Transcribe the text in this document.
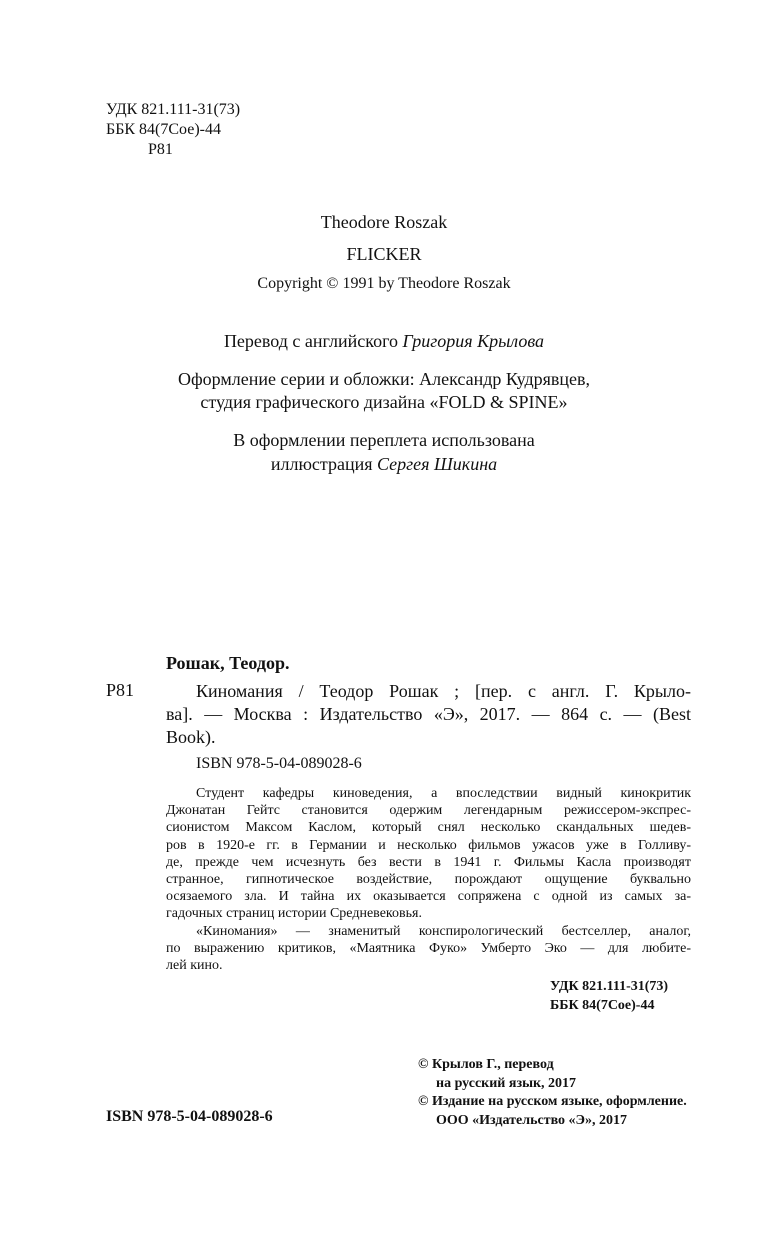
УДК 821.111-31(73)
ББК 84(7Сое)-44
Р81
Theodore Roszak
FLICKER
Copyright © 1991 by Theodore Roszak
Перевод с английского Григория Крылова
Оформление серии и обложки: Александр Кудрявцев,
студия графического дизайна «FOLD & SPINE»
В оформлении переплета использована
иллюстрация Сергея Шикина
Рошак, Теодор.
Р81	Киномания / Теодор Рошак ; [пер. с англ. Г. Крыло-
ва]. — Москва : Издательство «Э», 2017. — 864 с. — (Best
Book).
ISBN 978-5-04-089028-6
Студент кафедры киноведения, а впоследствии видный кинокритик
Джонатан Гейтс становится одержим легендарным режиссером-экспрес-
сионистом Максом Каслом, который снял несколько скандальных шедев-
ров в 1920-е гг. в Германии и несколько фильмов ужасов уже в Голливу-
де, прежде чем исчезнуть без вести в 1941 г. Фильмы Касла производят
странное, гипнотическое воздействие, порождают ощущение буквально
осязаемого зла. И тайна их оказывается сопряжена с одной из самых за-
гадочных страниц истории Средневековья.
«Киномания» — знаменитый конспирологический бестселлер, аналог,
по выражению критиков, «Маятника Фуко» Умберто Эко — для любите-
лей кино.
УДК 821.111-31(73)
ББК 84(7Сое)-44
ISBN 978-5-04-089028-6
© Крылов Г., перевод
на русский язык, 2017
© Издание на русском языке, оформление.
ООО «Издательство «Э», 2017
